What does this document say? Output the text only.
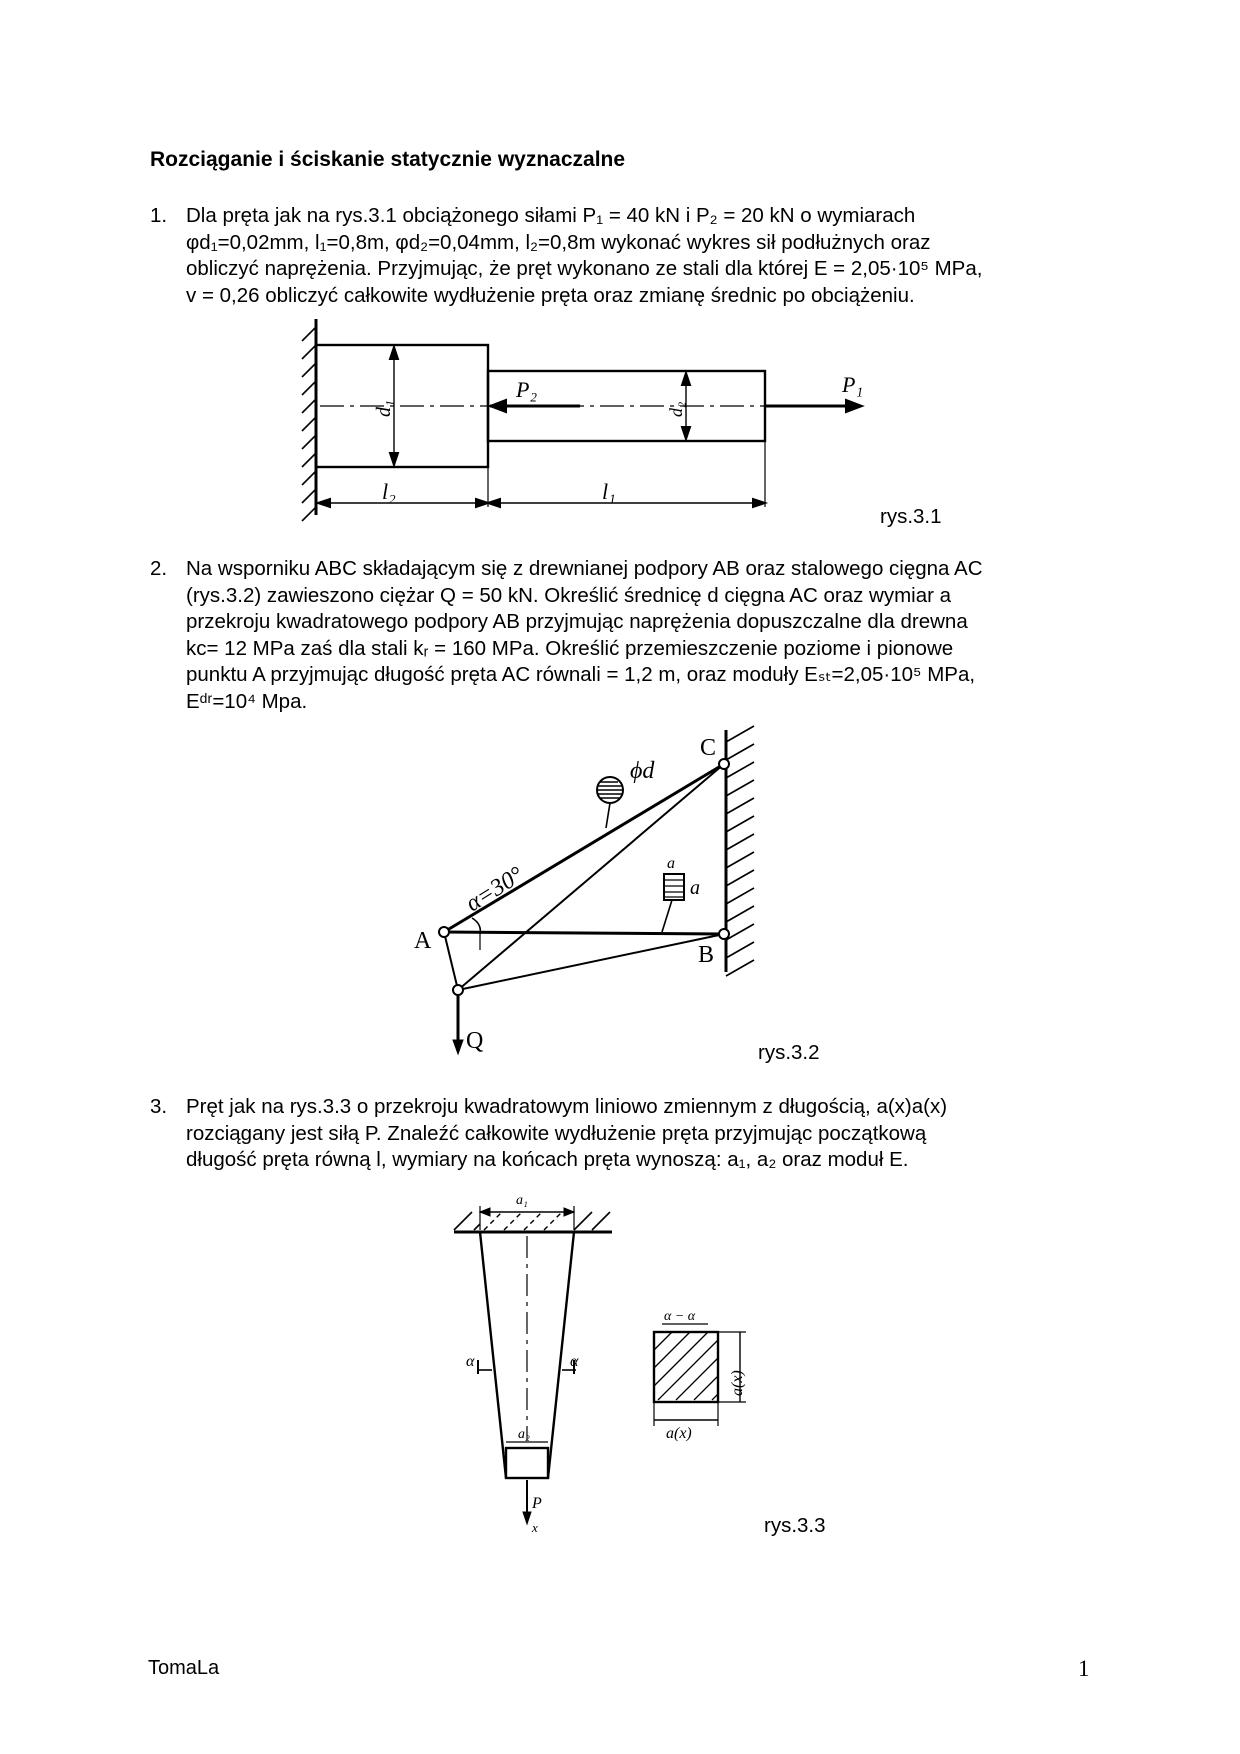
Rozciąganie i ściskanie statycznie wyznaczalne
1. Dla pręta jak na rys.3.1 obciążonego siłami P₁ = 40 kN i P₂ = 20 kN o wymiarach
φd₁=0,02mm, l₁=0,8m, φd₂=0,04mm, l₂=0,8m wykonać wykres sił podłużnych oraz
obliczyć naprężenia. Przyjmując, że pręt wykonano ze stali dla której E = 2,05·10⁵ MPa,
v = 0,26 obliczyć całkowite wydłużenie pręta oraz zmianę średnic po obciążeniu.
P₂	P₁
d₁	d₂
l₂	l₁
rys.3.1
2. Na wsporniku ABC składającym się z drewnianej podpory AB oraz stalowego cięgna AC
(rys.3.2) zawieszono ciężar Q = 50 kN. Określić średnicę d cięgna AC oraz wymiar a
przekroju kwadratowego podpory AB przyjmując naprężenia dopuszczalne dla drewna
kᴄ= 12 MPa zaś dla stali kᵣ = 160 MPa. Określić przemieszczenie poziome i pionowe
punktu A przyjmując długość pręta AC równali = 1,2 m, oraz moduły Eₛₜ=2,05·10⁵ MPa,
Eᵈʳ=10⁴ Mpa.
C
A
B
Q
ϕd
α=30°	a
a
rys.3.2
3. Pręt jak na rys.3.3 o przekroju kwadratowym liniowo zmiennym z długością, a(x)a(x)
rozciągany jest siłą P. Znaleźć całkowite wydłużenie pręta przyjmując początkową
długość pręta równą l, wymiary na końcach pręta wynoszą: a₁, a₂ oraz moduł E.
a₁
a₂
α	α
α − α
a(x)
a(x)
P
x	rys.3.3
TomaLa	1
